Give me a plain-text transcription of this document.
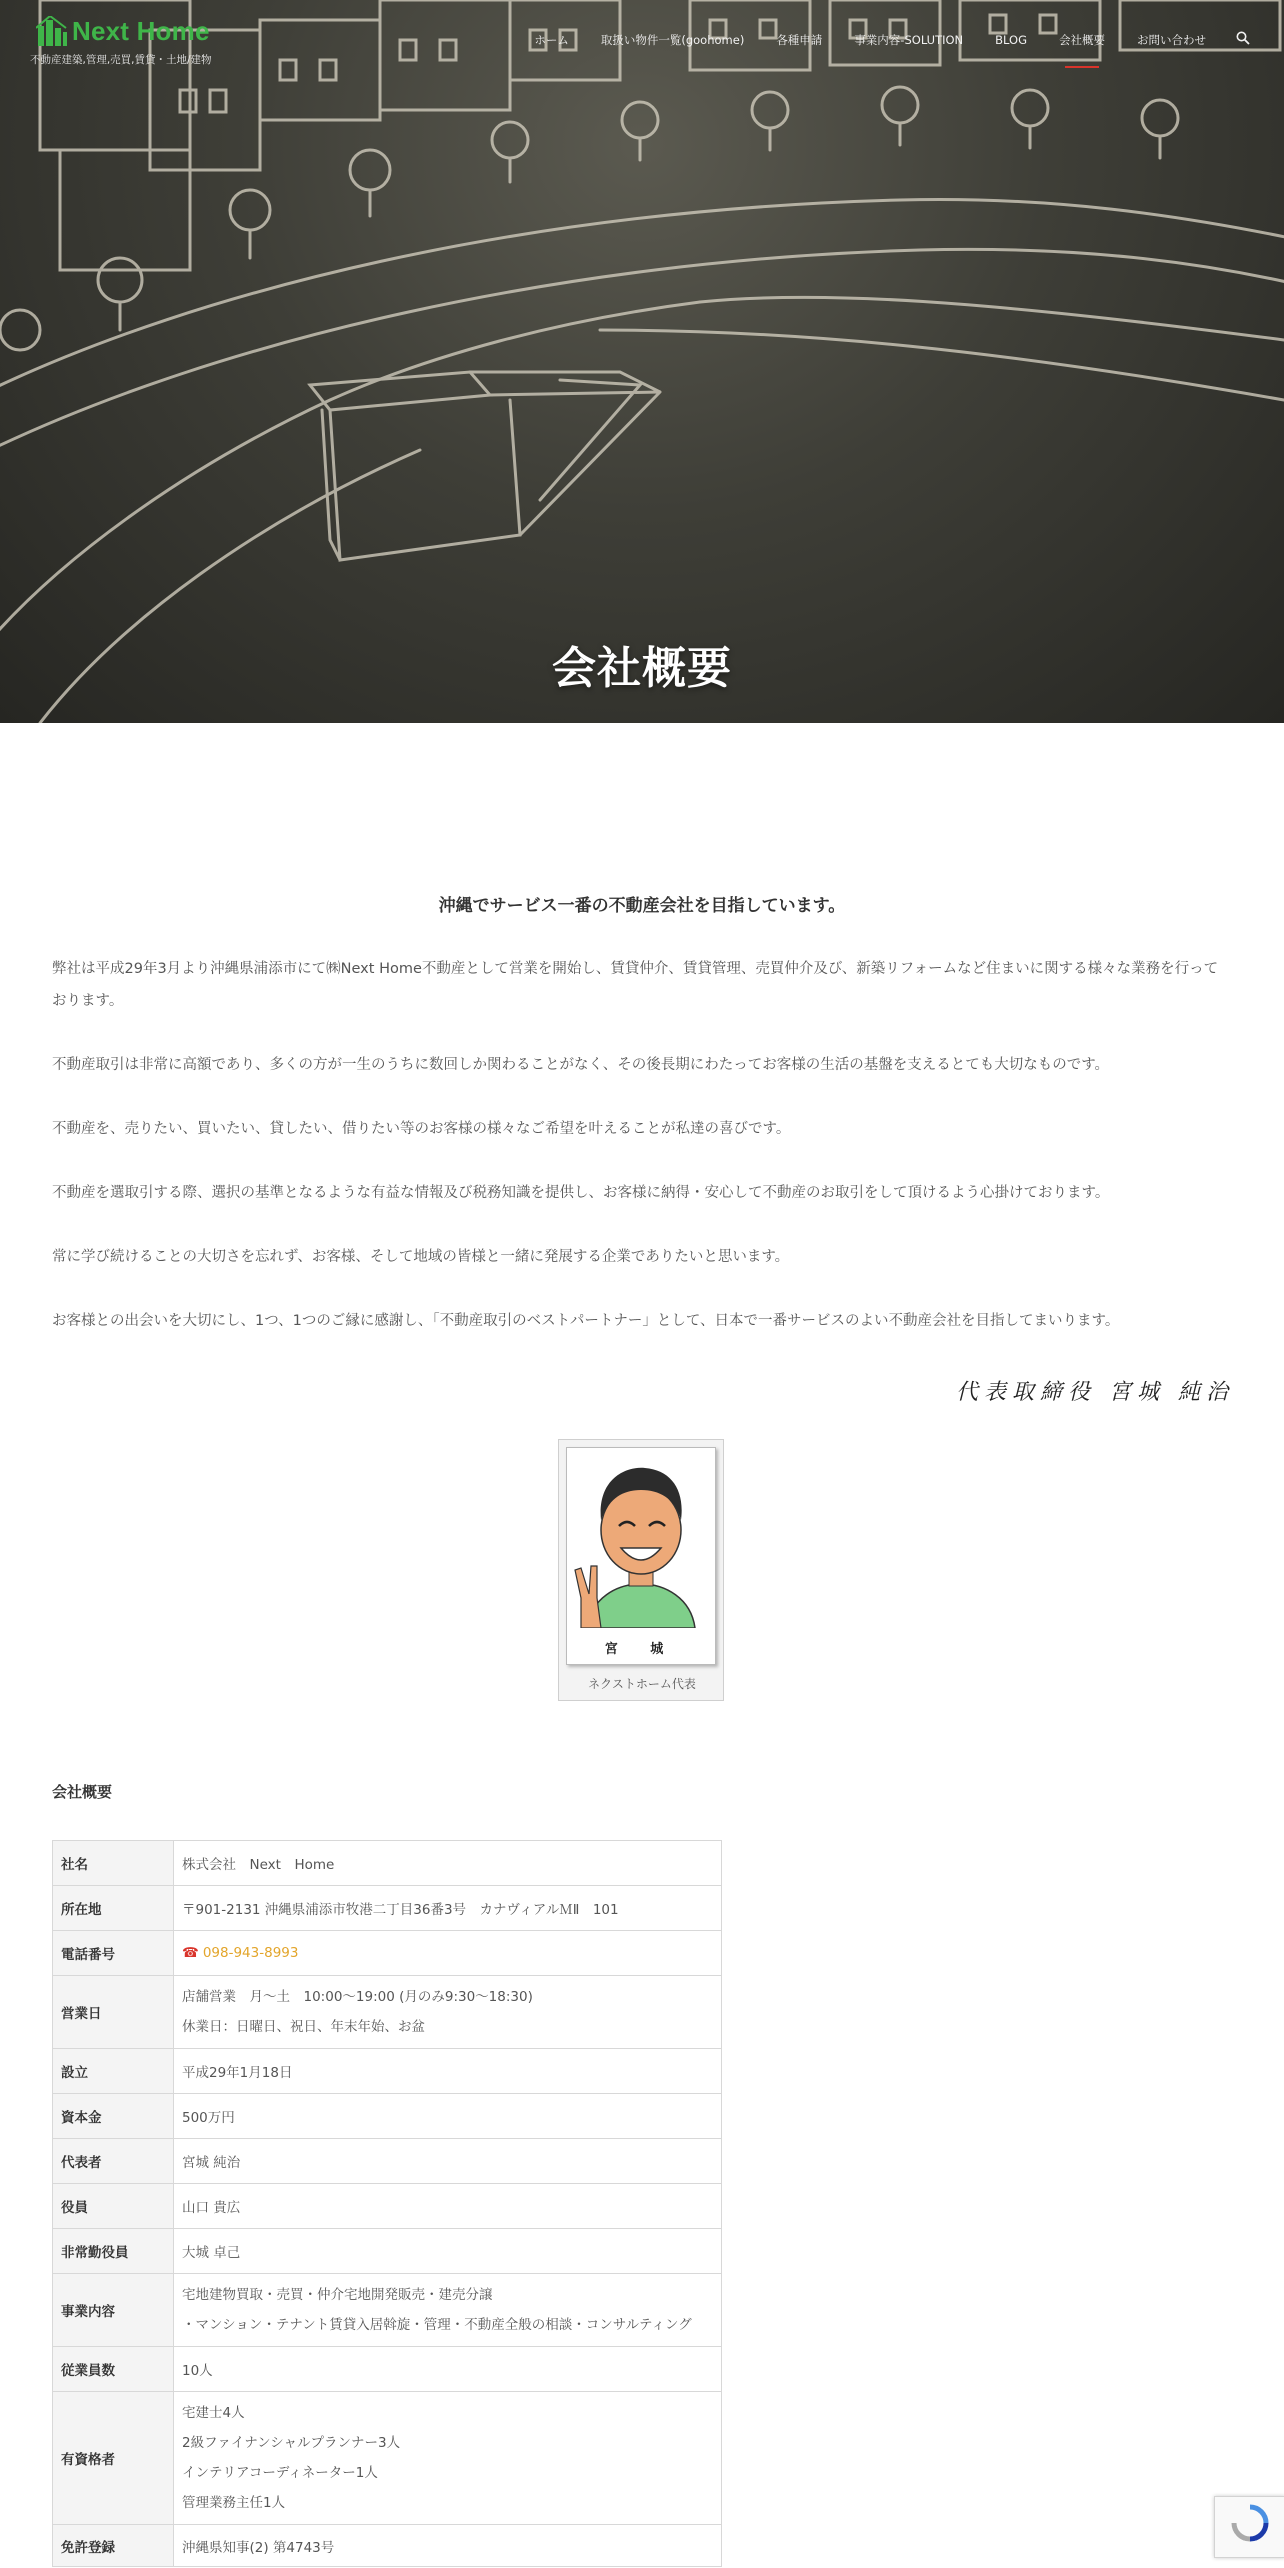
Next Home
不動産建築,管理,売買,賃貸・土地/建物
ホーム	取扱い物件一覧(goohome)	各種申請	事業内容-SOLUTION	BLOG	会社概要	お問い合わせ
会社概要
沖縄でサービス一番の不動産会社を目指しています。
弊社は平成29年3月より沖縄県浦添市にて㈱Next Home不動産として営業を開始し、賃貸仲介、賃貸管理、売買仲介及び、新築リフォームなど住まいに関する様々な業務を行っております。
不動産取引は非常に高額であり、多くの方が一生のうちに数回しか関わることがなく、その後長期にわたってお客様の生活の基盤を支えるとても大切なものです。
不動産を、売りたい、買いたい、貸したい、借りたい等のお客様の様々なご希望を叶えることが私達の喜びです。
不動産を選取引する際、選択の基準となるような有益な情報及び税務知識を提供し、お客様に納得・安心して不動産のお取引をして頂けるよう心掛けております。
常に学び続けることの大切さを忘れず、お客様、そして地域の皆様と一緒に発展する企業でありたいと思います。
お客様との出会いを大切にし、1つ、1つのご縁に感謝し、「不動産取引のベストパートナー」として、日本で一番サービスのよい不動産会社を目指してまいります。
代表取締役 宮城 純治
宮 城
ネクストホーム代表
会社概要
社名	株式会社　Next　Home
所在地	〒901-2131 沖縄県浦添市牧港二丁目36番3号　カナヴィアルＭⅡ　101
電話番号	☎ 098-943-8993
営業日	店舗営業　月～土　10:00～19:00 (月のみ9:30～18:30)
休業日：日曜日、祝日、年末年始、お盆

設立	平成29年1月18日
資本金	500万円
代表者	宮城 純治
役員	山口 貴広
非常勤役員	大城 卓己
事業内容	宅地建物買取・売買・仲介宅地開発販売・建売分譲
・マンション・テナント賃貸入居斡旋・管理・不動産全般の相談・コンサルティング

従業員数	10人
有資格者	宅建士4人
2級ファイナンシャルプランナー3人
インテリアコーディネーター1人
管理業務主任1人

免許登録	沖縄県知事(2) 第4743号
